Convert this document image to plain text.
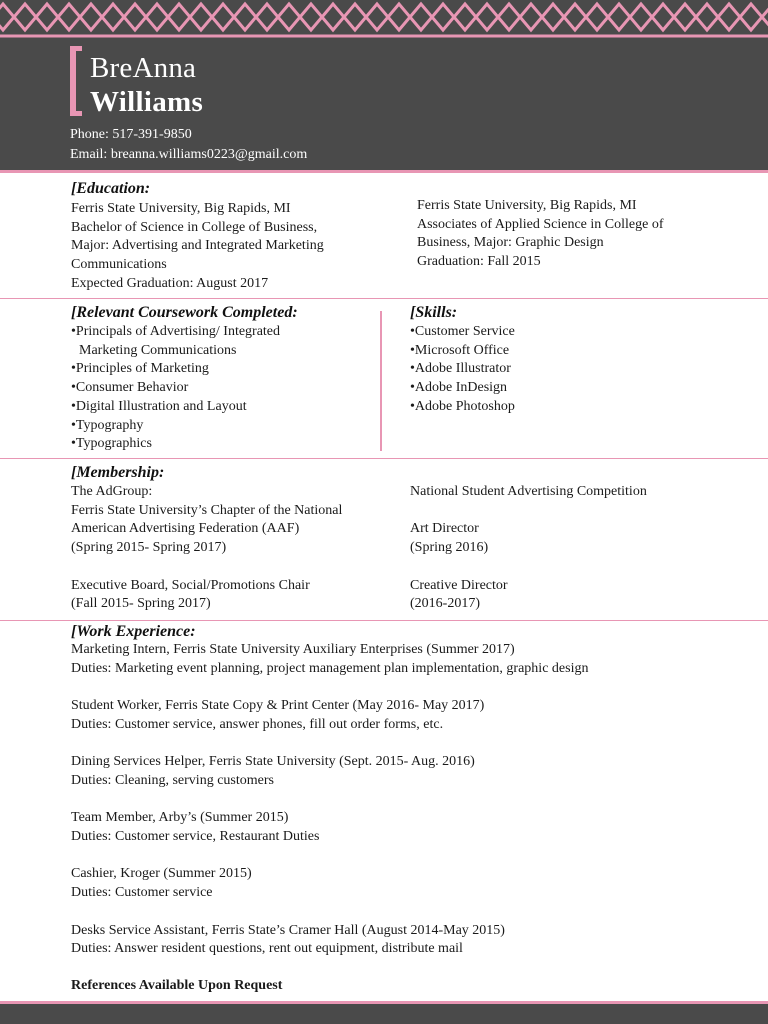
BreAnna
Williams
Phone: 517-391-9850
Email: breanna.williams0223@gmail.com
[Education:
Ferris State University, Big Rapids, MI
Bachelor of Science in College of Business,
Major: Advertising and Integrated Marketing
Communications
Expected Graduation: August 2017
Ferris State University, Big Rapids, MI
Associates of Applied Science in College of
Business, Major: Graphic Design
Graduation: Fall 2015
[Relevant Coursework Completed:
•Principals of Advertising/ Integrated
Marketing Communications
•Principles of Marketing
•Consumer Behavior
•Digital Illustration and Layout
•Typography
•Typographics
[Skills:
•Customer Service
•Microsoft Office
•Adobe Illustrator
•Adobe InDesign
•Adobe Photoshop
[Membership:
The AdGroup:
Ferris State University’s Chapter of the National
American Advertising Federation (AAF)
(Spring 2015- Spring 2017)

Executive Board, Social/Promotions Chair
(Fall 2015- Spring 2017)
National Student Advertising Competition

Art Director
(Spring 2016)

Creative Director
(2016-2017)
[Work Experience:
Marketing Intern, Ferris State University Auxiliary Enterprises (Summer 2017)
Duties: Marketing event planning, project management plan implementation, graphic design

Student Worker, Ferris State Copy & Print Center (May 2016- May 2017)
Duties: Customer service, answer phones, fill out order forms, etc.

Dining Services Helper, Ferris State University (Sept. 2015- Aug. 2016)
Duties: Cleaning, serving customers

Team Member, Arby’s (Summer 2015)
Duties: Customer service, Restaurant Duties

Cashier, Kroger (Summer 2015)
Duties: Customer service

Desks Service Assistant, Ferris State’s Cramer Hall (August 2014-May 2015)
Duties: Answer resident questions, rent out equipment, distribute mail
References Available Upon Request
